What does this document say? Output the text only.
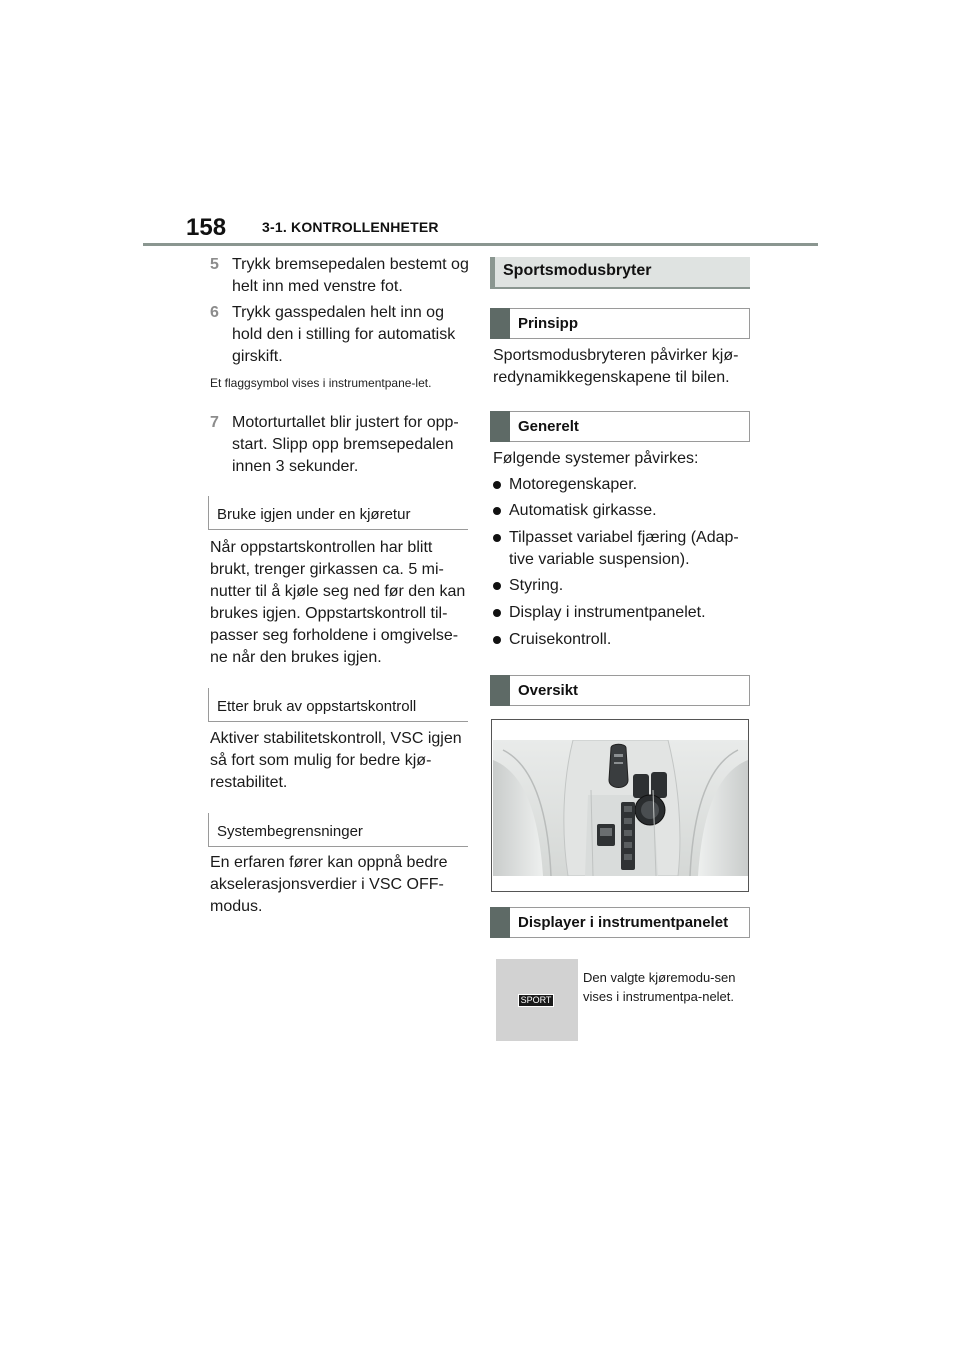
158	3-1. KONTROLLENHETER
5 Trykk bremsepedalen bestemt og helt inn med venstre fot.
6 Trykk gasspedalen helt inn og hold den i stilling for automatisk girskift.
Et flaggsymbol vises i instrumentpane-let.
7 Motorturtallet blir justert for opp-start. Slipp opp bremsepedalen innen 3 sekunder.
Bruke igjen under en kjøretur
Når oppstartskontrollen har blitt brukt, trenger girkassen ca. 5 mi-nutter til å kjøle seg ned før den kan brukes igjen. Oppstartskontroll til-passer seg forholdene i omgivelse-ne når den brukes igjen.
Etter bruk av oppstartskontroll
Aktiver stabilitetskontroll, VSC igjen så fort som mulig for bedre kjø-restabilitet.
Systembegrensninger
En erfaren fører kan oppnå bedre akselerasjonsverdier i VSC OFF-modus.
Sportsmodusbryter
Prinsipp
Sportsmodusbryteren påvirker kjø-redynamikkegenskapene til bilen.
Generelt
Følgende systemer påvirkes:
Motoregenskaper.
Automatisk girkasse.
Tilpasset variabel fjæring (Adap-tive variable suspension).
Styring.
Display i instrumentpanelet.
Cruisekontroll.
Oversikt
Displayer i instrumentpanelet
SPORT
Den valgte kjøremodu-sen vises i instrumentpa-nelet.
